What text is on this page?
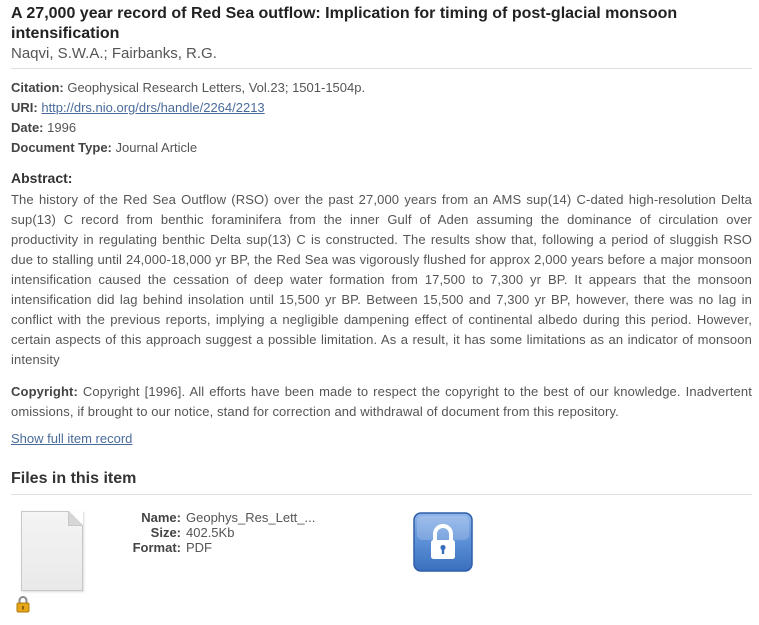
A 27,000 year record of Red Sea outflow: Implication for timing of post-glacial monsoon intensification
Naqvi, S.W.A.; Fairbanks, R.G.
Citation: Geophysical Research Letters, Vol.23; 1501-1504p.
URI: http://drs.nio.org/drs/handle/2264/2213
Date: 1996
Document Type: Journal Article
Abstract:

The history of the Red Sea Outflow (RSO) over the past 27,000 years from an AMS sup(14) C-dated high-resolution Delta sup(13) C record from benthic foraminifera from the inner Gulf of Aden assuming the dominance of circulation over productivity in regulating benthic Delta sup(13) C is constructed. The results show that, following a period of sluggish RSO due to stalling until 24,000-18,000 yr BP, the Red Sea was vigorously flushed for approx 2,000 years before a major monsoon intensification caused the cessation of deep water formation from 17,500 to 7,300 yr BP. It appears that the monsoon intensification did lag behind insolation until 15,500 yr BP. Between 15,500 and 7,300 yr BP, however, there was no lag in conflict with the previous reports, implying a negligible dampening effect of continental albedo during this period. However, certain aspects of this approach suggest a possible limitation. As a result, it has some limitations as an indicator of monsoon intensity

Copyright: Copyright [1996]. All efforts have been made to respect the copyright to the best of our knowledge. Inadvertent omissions, if brought to our notice, stand for correction and withdrawal of document from this repository.

Show full item record
Files in this item
Name: Geophys_Res_Lett_...
Size: 402.5Kb
Format: PDF
